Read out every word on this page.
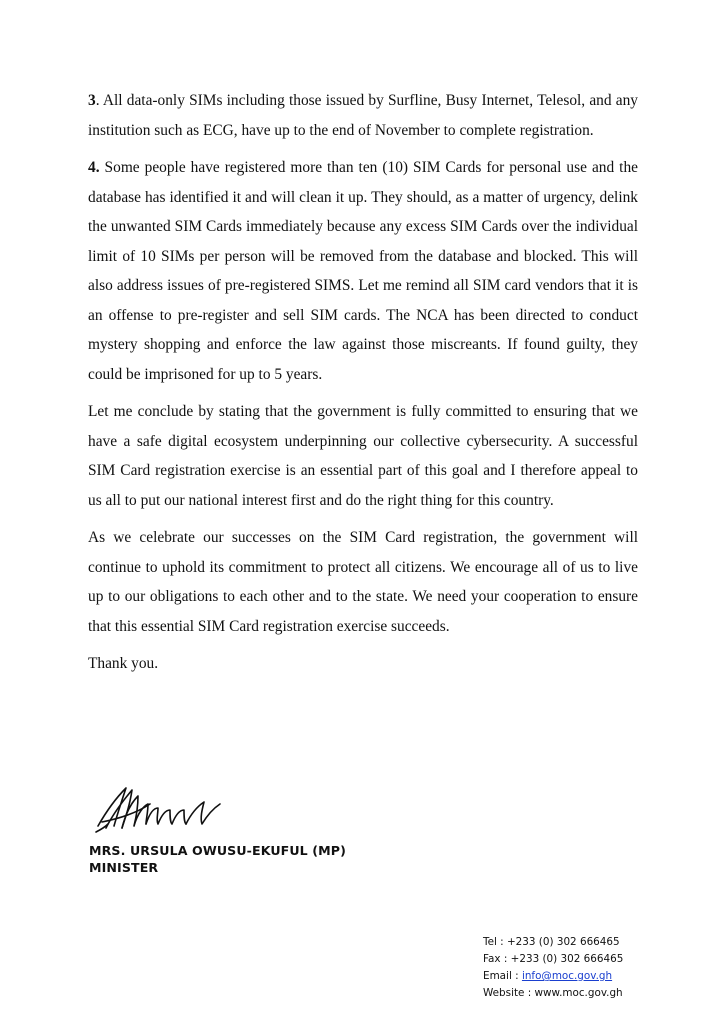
3. All data-only SIMs including those issued by Surfline, Busy Internet, Telesol, and any institution such as ECG, have up to the end of November to complete registration.

4. Some people have registered more than ten (10) SIM Cards for personal use and the database has identified it and will clean it up. They should, as a matter of urgency, delink the unwanted SIM Cards immediately because any excess SIM Cards over the individual limit of 10 SIMs per person will be removed from the database and blocked. This will also address issues of pre-registered SIMS. Let me remind all SIM card vendors that it is an offense to pre-register and sell SIM cards. The NCA has been directed to conduct mystery shopping and enforce the law against those miscreants. If found guilty, they could be imprisoned for up to 5 years.

Let me conclude by stating that the government is fully committed to ensuring that we have a safe digital ecosystem underpinning our collective cybersecurity. A successful SIM Card registration exercise is an essential part of this goal and I therefore appeal to us all to put our national interest first and do the right thing for this country.

As we celebrate our successes on the SIM Card registration, the government will continue to uphold its commitment to protect all citizens. We encourage all of us to live up to our obligations to each other and to the state. We need your cooperation to ensure that this essential SIM Card registration exercise succeeds.

Thank you.

MRS. URSULA OWUSU-EKUFUL (MP)
MINISTER
Tel : +233 (0) 302 666465
Fax : +233 (0) 302 666465
Email : info@moc.gov.gh
Website : www.moc.gov.gh
